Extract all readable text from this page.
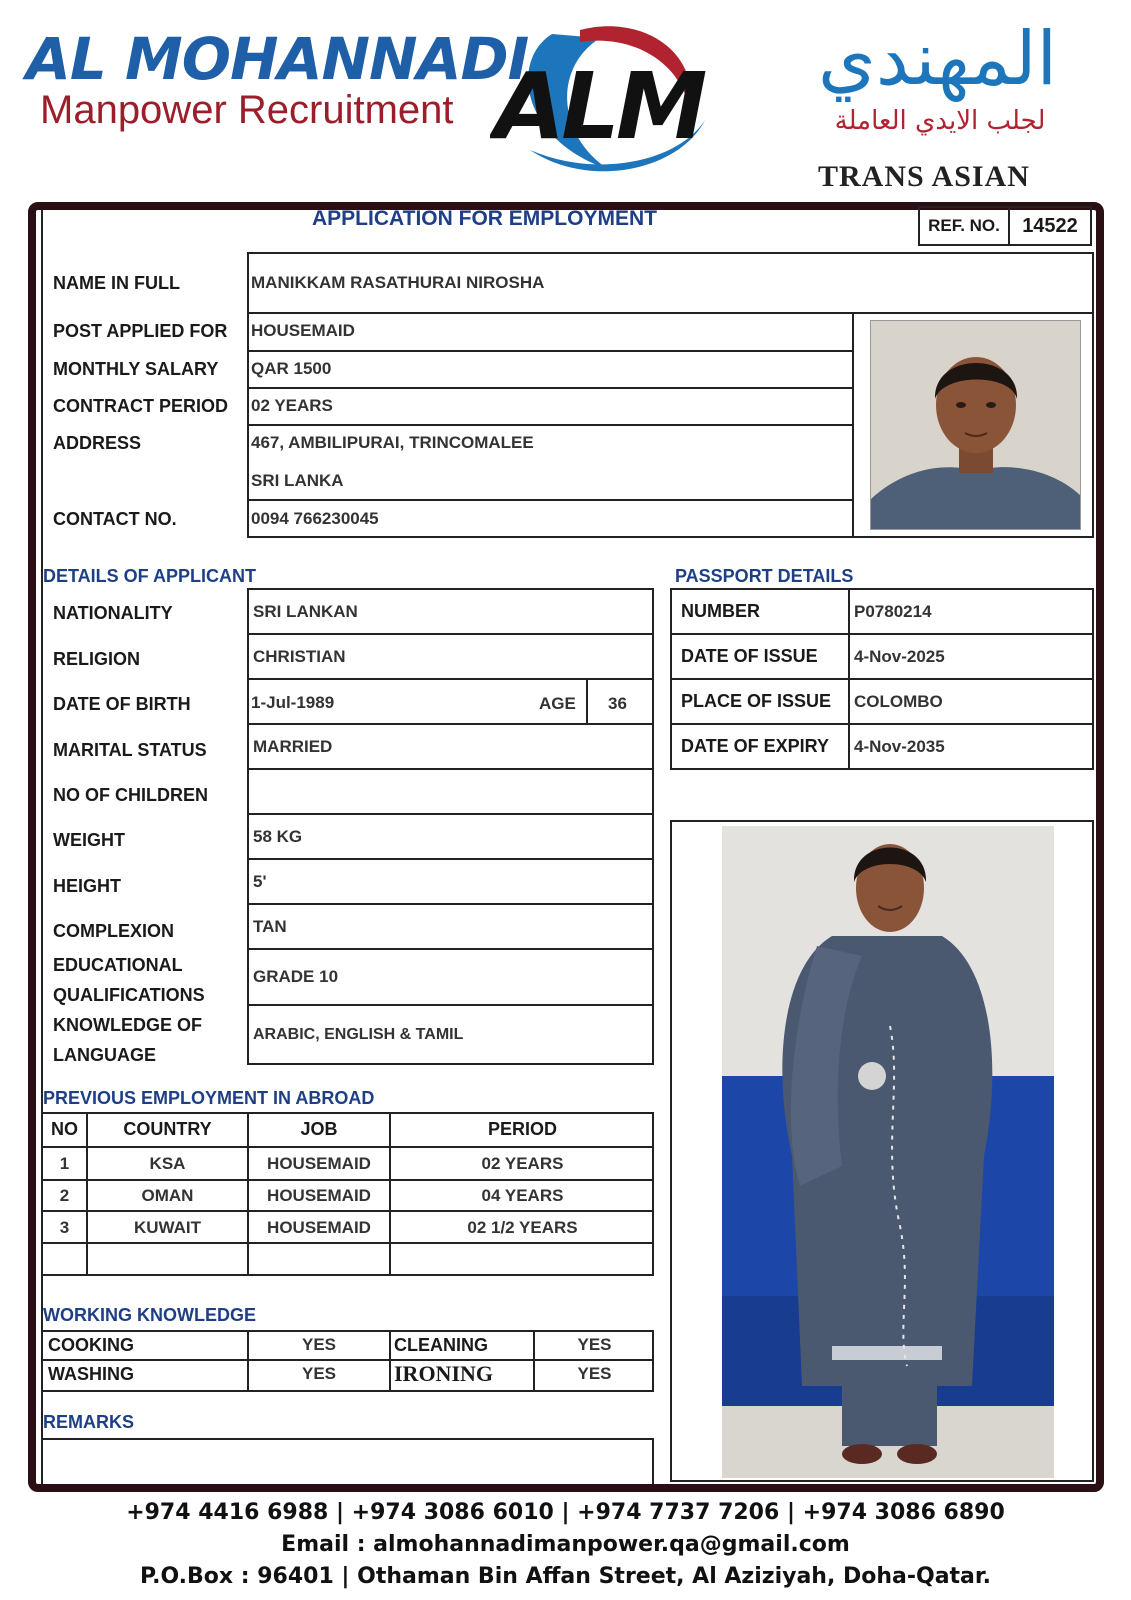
AL MOHANNADI
Manpower Recruitment ALM	المهندي
لجلب الايدي العاملة
TRANS ASIAN
APPLICATION FOR EMPLOYMENT	REF. NO.	14522
NAME IN FULL	MANIKKAM RASATHURAI NIROSHA
POST APPLIED FOR HOUSEMAID
MONTHLY SALARY QAR 1500
CONTRACT PERIOD 02 YEARS
ADDRESS	467, AMBILIPURAI, TRINCOMALEE
SRI LANKA
CONTACT NO.	0094 766230045
DETAILS OF APPLICANT
NATIONALITY	SRI LANKAN
RELIGION	CHRISTIAN
DATE OF BIRTH	1-Jul-1989	AGE 36
MARITAL STATUS	MARRIED
NO OF CHILDREN
WEIGHT	58 KG
HEIGHT	5'
COMPLEXION	TAN
EDUCATIONAL
QUALIFICATIONS
GRADE 10
KNOWLEDGE OF
LANGUAGE
ARABIC, ENGLISH & TAMIL
PASSPORT DETAILS
NUMBER	P0780214
DATE OF ISSUE	4-Nov-2025
PLACE OF ISSUE	COLOMBO
DATE OF EXPIRY	4-Nov-2035
PREVIOUS EMPLOYMENT IN ABROAD
NO	COUNTRY	JOB	PERIOD
1	KSA	HOUSEMAID	02 YEARS
2	OMAN	HOUSEMAID	04 YEARS
3	KUWAIT	HOUSEMAID	02 1/2 YEARS
WORKING KNOWLEDGE
COOKING	YES	CLEANING	YES
WASHING	YES	IRONING	YES
REMARKS
+974 4416 6988 | +974 3086 6010 | +974 7737 7206 | +974 3086 6890
Email : almohannadimanpower.qa@gmail.com
P.O.Box : 96401 | Othaman Bin Affan Street, Al Aziziyah, Doha-Qatar.
